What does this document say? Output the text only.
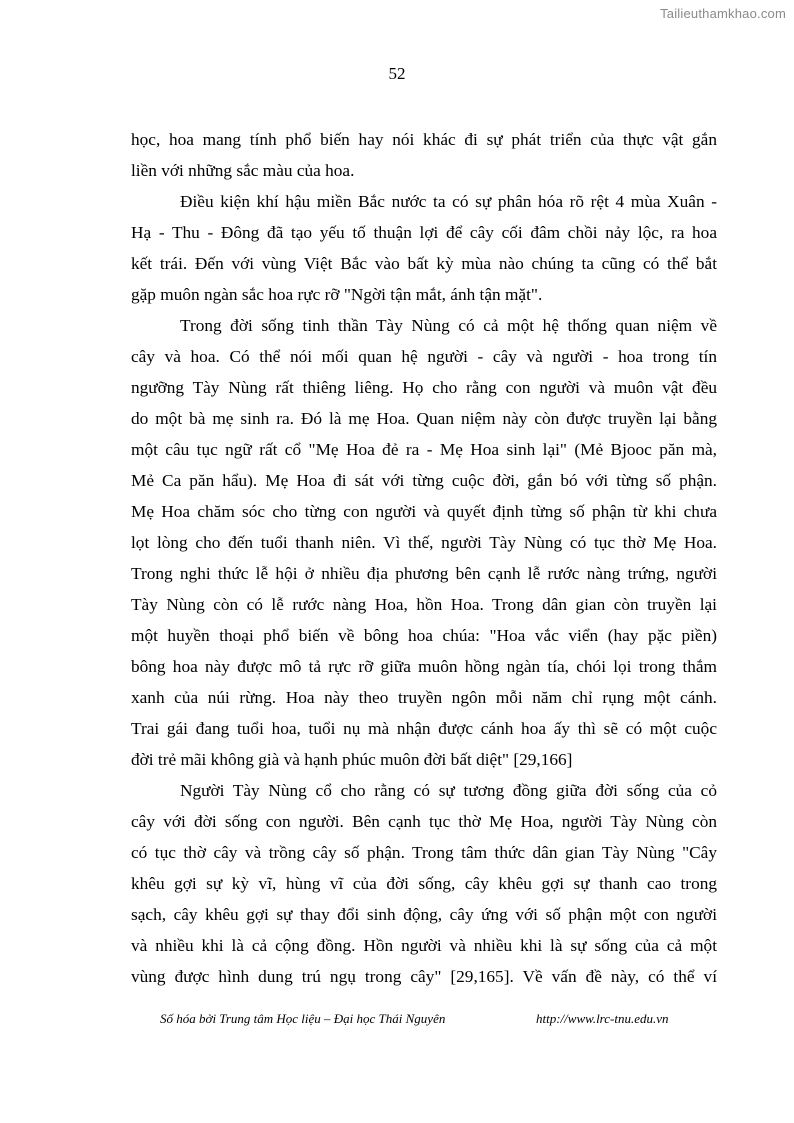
Tailieuthamkhao.com
52
học, hoa mang tính phổ biến hay nói khác đi sự phát triển của thực vật gắn
liền với những sắc màu của hoa.
Điều kiện khí hậu miền Bắc nước ta có sự phân hóa rõ rệt 4 mùa Xuân -
Hạ - Thu - Đông đã tạo yếu tố thuận lợi để cây cối đâm chồi nảy lộc, ra hoa
kết trái. Đến với vùng Việt Bắc vào bất kỳ mùa nào chúng ta cũng có thể bắt
gặp muôn ngàn sắc hoa rực rỡ "Ngời tận mắt, ánh tận mặt".
Trong đời sống tinh thần Tày Nùng có cả một hệ thống quan niệm về
cây và hoa. Có thể nói mối quan hệ người - cây và người - hoa trong tín
ngưỡng Tày Nùng rất thiêng liêng. Họ cho rằng con người và muôn vật đều
do một bà mẹ sinh ra. Đó là mẹ Hoa. Quan niệm này còn được truyền lại bằng
một câu tục ngữ rất cổ "Mẹ Hoa đẻ ra - Mẹ Hoa sinh lại" (Mẻ Bjooc păn mà,
Mẻ Ca păn hẩu). Mẹ Hoa đi sát với từng cuộc đời, gắn bó với từng số phận.
Mẹ Hoa chăm sóc cho từng con người và quyết định từng số phận từ khi chưa
lọt lòng cho đến tuổi thanh niên. Vì thế, người Tày Nùng có tục thờ Mẹ Hoa.
Trong nghi thức lễ hội ở nhiều địa phương bên cạnh lễ rước nàng trứng, người
Tày Nùng còn có lễ rước nàng Hoa, hồn Hoa. Trong dân gian còn truyền lại
một huyền thoại phổ biến về bông hoa chúa: "Hoa vắc viển (hay pặc piền)
bông hoa này được mô tả rực rỡ giữa muôn hồng ngàn tía, chói lọi trong thắm
xanh của núi rừng. Hoa này theo truyền ngôn mỗi năm chỉ rụng một cánh.
Trai gái đang tuổi hoa, tuổi nụ mà nhận được cánh hoa ấy thì sẽ có một cuộc
đời trẻ mãi không già và hạnh phúc muôn đời bất diệt" [29,166]
Người Tày Nùng cổ cho rằng có sự tương đồng giữa đời sống của cỏ
cây với đời sống con người. Bên cạnh tục thờ Mẹ Hoa, người Tày Nùng còn
có tục thờ cây và trồng cây số phận. Trong tâm thức dân gian Tày Nùng "Cây
khêu gợi sự kỳ vĩ, hùng vĩ của đời sống, cây khêu gợi sự thanh cao trong
sạch, cây khêu gợi sự thay đổi sinh động, cây ứng với số phận một con người
và nhiều khi là cả cộng đồng. Hồn người và nhiều khi là sự sống của cả một
vùng được hình dung trú ngụ trong cây" [29,165]. Về vấn đề này, có thể ví
Số hóa bởi Trung tâm Học liệu – Đại học Thái Nguyên	http://www.lrc-tnu.edu.vn
